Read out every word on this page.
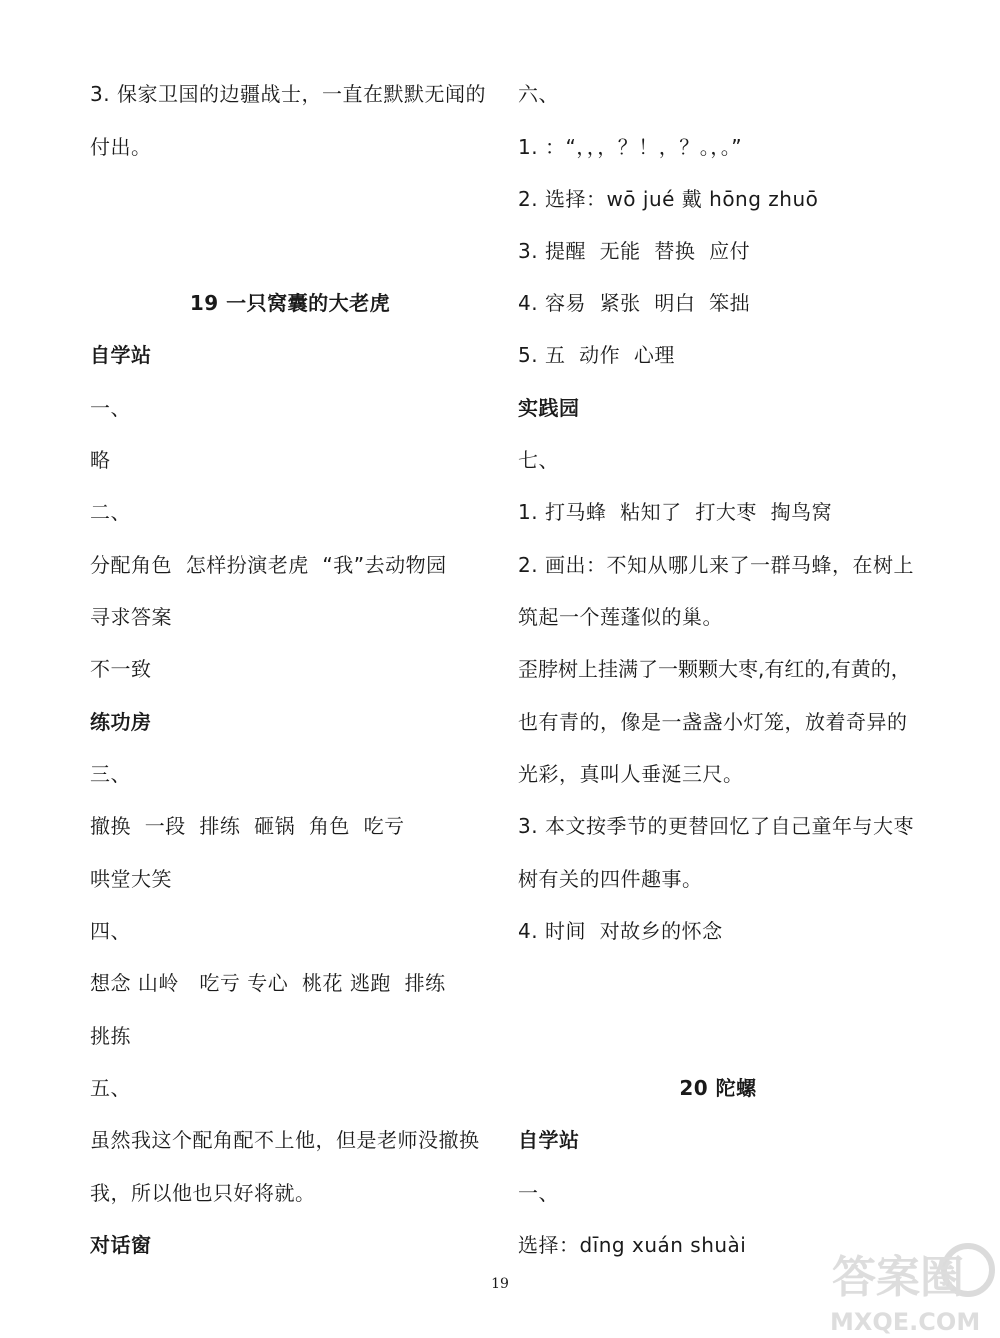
3. 保家卫国的边疆战士，一直在默默无闻的
付出。
19 一只窝囊的大老虎
自学站
一、
略
二、
分配角色  怎样扮演老虎  “我”去动物园
寻求答案
不一致
练功房
三、
撤换  一段  排练  砸锅  角色  吃亏
哄堂大笑
四、
想念 山岭   吃亏 专心  桃花 逃跑  排练
挑拣
五、
虽然我这个配角配不上他，但是老师没撤换
我，所以他也只好将就。
对话窗
六、
1. ：“，，，？！，？。，。”
2. 选择：wō jué 戴 hōng zhuō
3. 提醒  无能  替换  应付
4. 容易  紧张  明白  笨拙
5. 五  动作  心理
实践园
七、
1. 打马蜂  粘知了  打大枣  掏鸟窝
2. 画出：不知从哪儿来了一群马蜂，在树上
筑起一个莲蓬似的巢。
歪脖树上挂满了一颗颗大枣,有红的,有黄的，
也有青的，像是一盏盏小灯笼，放着奇异的
光彩，真叫人垂涎三尺。
3. 本文按季节的更替回忆了自己童年与大枣
树有关的四件趣事。
4. 时间  对故乡的怀念
20 陀螺
自学站
一、
选择：dīng xuán shuài
19	答案圈
MXQE.COM
